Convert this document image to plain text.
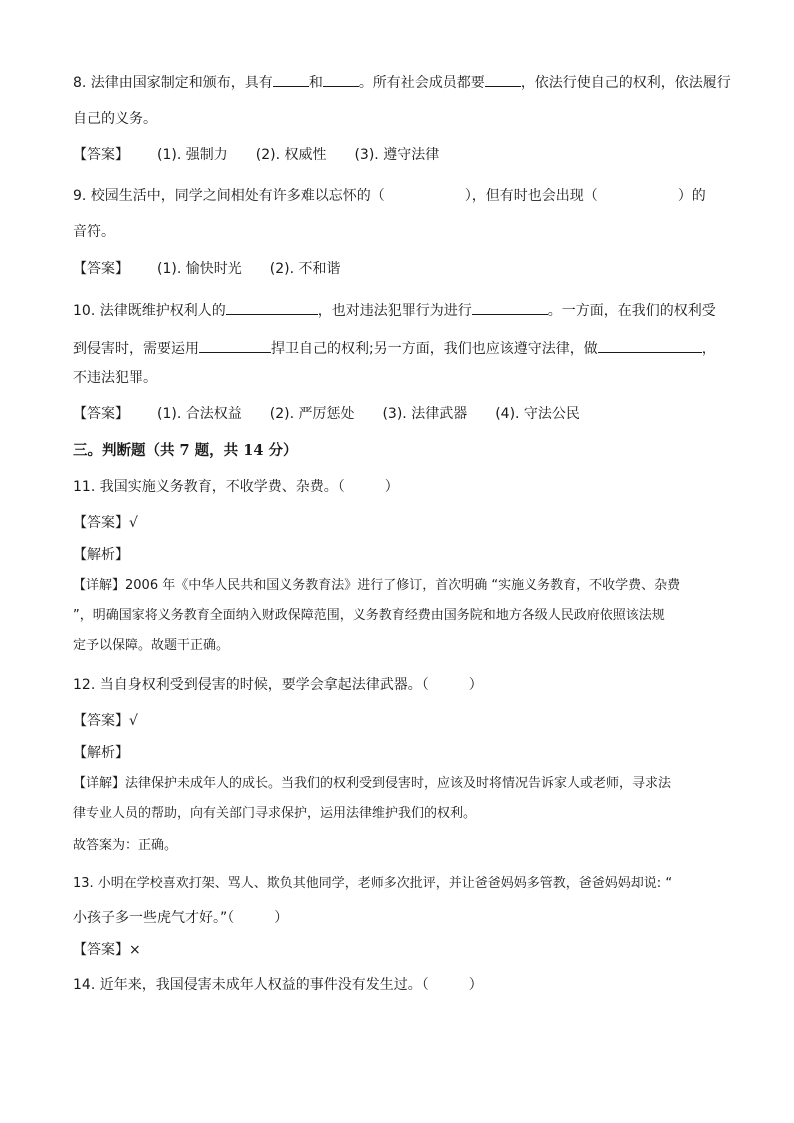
8. 法律由国家制定和颁布，具有	和	。所有社会成员都要	，依法行使自己的权利，依法履行
自己的义务。
【答案】 (1). 强制力 (2). 权威性 (3). 遵守法律
9. 校园生活中，同学之间相处有许多难以忘怀的（	），但有时也会出现（	）的
音符。
【答案】 (1). 愉快时光 (2). 不和谐
10. 法律既维护权利人的	，也对违法犯罪行为进行	。一方面，在我们的权利受
到侵害时，需要运用	捍卫自己的权利;另一方面，我们也应该遵守法律，做	，
不违法犯罪。
【答案】 (1). 合法权益 (2). 严厉惩处 (3). 法律武器 (4). 守法公民
三。判断题（共 7 题，共 14 分）
11. 我国实施义务教育，不收学费、杂费。（	）
【答案】√
【解析】
【详解】2006 年《中华人民共和国义务教育法》进行了修订，首次明确 “实施义务教育，不收学费、杂费
”，明确国家将义务教育全面纳入财政保障范围，义务教育经费由国务院和地方各级人民政府依照该法规
定予以保障。故题干正确。
12. 当自身权利受到侵害的时候，要学会拿起法律武器。（	）
【答案】√
【解析】
【详解】法律保护未成年人的成长。当我们的权利受到侵害时，应该及时将情况告诉家人或老师，寻求法
律专业人员的帮助，向有关部门寻求保护，运用法律维护我们的权利。
故答案为：正确。
13. 小明在学校喜欢打架、骂人、欺负其他同学，老师多次批评，并让爸爸妈妈多管教，爸爸妈妈却说: “
小孩子多一些虎气才好。”（	）
【答案】×
14. 近年来，我国侵害未成年人权益的事件没有发生过。（	）
